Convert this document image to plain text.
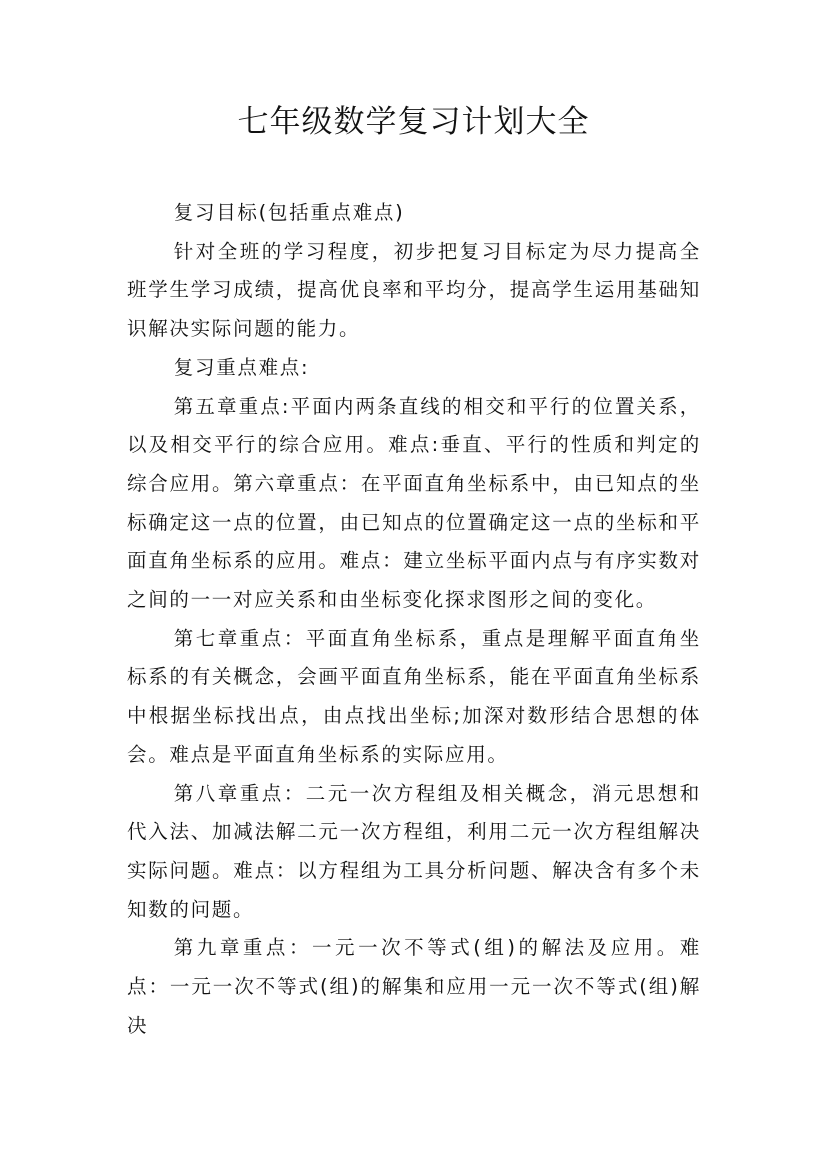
七年级数学复习计划大全

复习目标(包括重点难点)

针对全班的学习程度，初步把复习目标定为尽力提高全班学生学习成绩，提高优良率和平均分，提高学生运用基础知识解决实际问题的能力。

复习重点难点:

第五章重点:平面内两条直线的相交和平行的位置关系，以及相交平行的综合应用。难点:垂直、平行的性质和判定的综合应用。第六章重点：在平面直角坐标系中，由已知点的坐标确定这一点的位置，由已知点的位置确定这一点的坐标和平面直角坐标系的应用。难点：建立坐标平面内点与有序实数对之间的一一对应关系和由坐标变化探求图形之间的变化。

第七章重点：平面直角坐标系，重点是理解平面直角坐标系的有关概念，会画平面直角坐标系，能在平面直角坐标系中根据坐标找出点，由点找出坐标;加深对数形结合思想的体会。难点是平面直角坐标系的实际应用。

第八章重点：二元一次方程组及相关概念，消元思想和代入法、加减法解二元一次方程组，利用二元一次方程组解决实际问题。难点：以方程组为工具分析问题、解决含有多个未知数的问题。

第九章重点：一元一次不等式(组)的解法及应用。难点：一元一次不等式(组)的解集和应用一元一次不等式(组)解决
